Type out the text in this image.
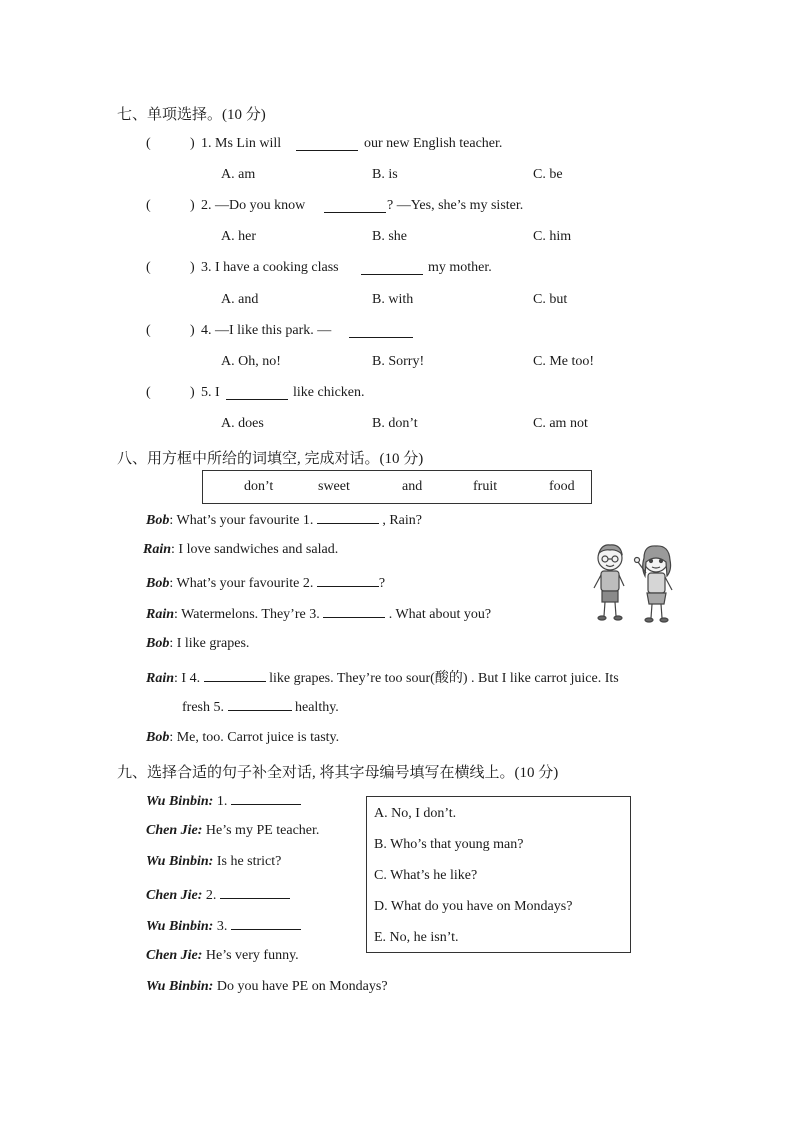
七、单项选择。(10 分)
(	) 1. Ms Lin will	our new English teacher.
A. am	B. is	C. be
(	) 2. —Do you know	? —Yes, she’s my sister.
A. her	B. she	C. him
(	) 3. I have a cooking class	my mother.
A. and	B. with	C. but
(	) 4. —I like this park. —
A. Oh, no!	B. Sorry!	C. Me too!
(	) 5. I	like chicken.
A. does	B. don’t	C. am not
八、用方框中所给的词填空, 完成对话。(10 分)
don’t	sweet	and	fruit	food
Bob: What’s your favourite 1.	, Rain?
Rain: I love sandwiches and salad.
Bob: What’s your favourite 2.	?
Rain: Watermelons. They’re 3.	. What about you?
Bob: I like grapes.
Rain: I 4.	like grapes. They’re too sour(酸的) . But I like carrot juice. Its
fresh 5.	healthy.
Bob: Me, too. Carrot juice is tasty.
九、选择合适的句子补全对话, 将其字母编号填写在横线上。(10 分)
Wu Binbin: 1.
Chen Jie: He’s my PE teacher.
Wu Binbin: Is he strict?
Chen Jie: 2.
Wu Binbin: 3.
Chen Jie: He’s very funny.
Wu Binbin: Do you have PE on Mondays?
A. No, I don’t.
B. Who’s that young man?
C. What’s he like?
D. What do you have on Mondays?
E. No, he isn’t.
